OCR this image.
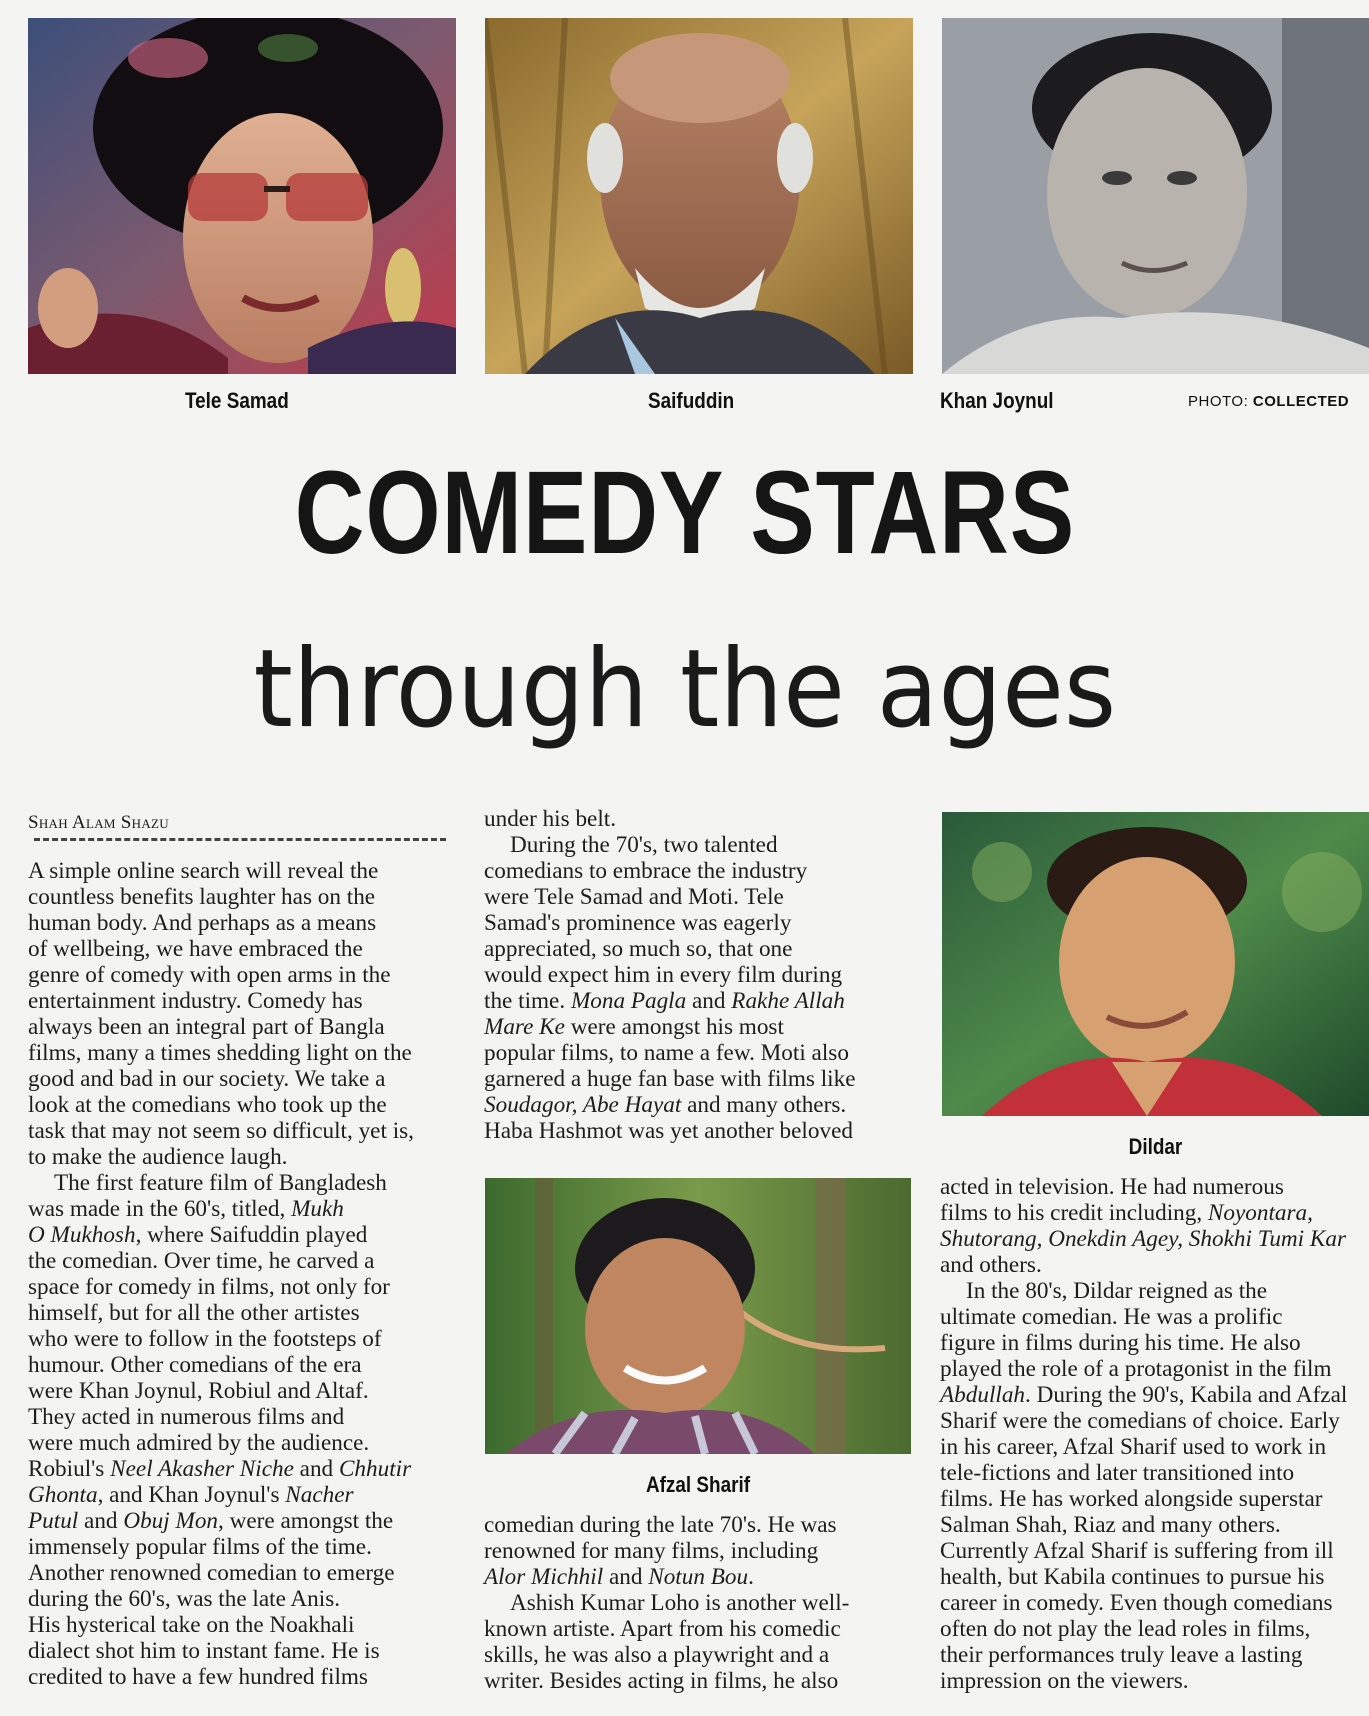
Tele Samad	Saifuddin	Khan Joynul	PHOTO: COLLECTED
COMEDY STARS
through the ages
Shah Alam Shazu
A simple online search will reveal the
countless benefits laughter has on the
human body. And perhaps as a means
of wellbeing, we have embraced the
genre of comedy with open arms in the
entertainment industry. Comedy has
always been an integral part of Bangla
films, many a times shedding light on the
good and bad in our society. We take a
look at the comedians who took up the
task that may not seem so difficult, yet is,
to make the audience laugh.
The first feature film of Bangladesh
was made in the 60's, titled, Mukh
O Mukhosh, where Saifuddin played
the comedian. Over time, he carved a
space for comedy in films, not only for
himself, but for all the other artistes
who were to follow in the footsteps of
humour. Other comedians of the era
were Khan Joynul, Robiul and Altaf.
They acted in numerous films and
were much admired by the audience.
Robiul's Neel Akasher Niche and Chhutir
Ghonta, and Khan Joynul's Nacher
Putul and Obuj Mon, were amongst the
immensely popular films of the time.
Another renowned comedian to emerge
during the 60's, was the late Anis.
His hysterical take on the Noakhali
dialect shot him to instant fame. He is
credited to have a few hundred films
under his belt.
During the 70's, two talented
comedians to embrace the industry
were Tele Samad and Moti. Tele
Samad's prominence was eagerly
appreciated, so much so, that one
would expect him in every film during
the time. Mona Pagla and Rakhe Allah
Mare Ke were amongst his most
popular films, to name a few. Moti also
garnered a huge fan base with films like
Soudagor, Abe Hayat and many others.
Haba Hashmot was yet another beloved
Afzal Sharif
comedian during the late 70's. He was
renowned for many films, including
Alor Michhil and Notun Bou.
Ashish Kumar Loho is another well-
known artiste. Apart from his comedic
skills, he was also a playwright and a
writer. Besides acting in films, he also
Dildar
acted in television. He had numerous
films to his credit including, Noyontara,
Shutorang, Onekdin Agey, Shokhi Tumi Kar
and others.
In the 80's, Dildar reigned as the
ultimate comedian. He was a prolific
figure in films during his time. He also
played the role of a protagonist in the film
Abdullah. During the 90's, Kabila and Afzal
Sharif were the comedians of choice. Early
in his career, Afzal Sharif used to work in
tele-fictions and later transitioned into
films. He has worked alongside superstar
Salman Shah, Riaz and many others.
Currently Afzal Sharif is suffering from ill
health, but Kabila continues to pursue his
career in comedy. Even though comedians
often do not play the lead roles in films,
their performances truly leave a lasting
impression on the viewers.
